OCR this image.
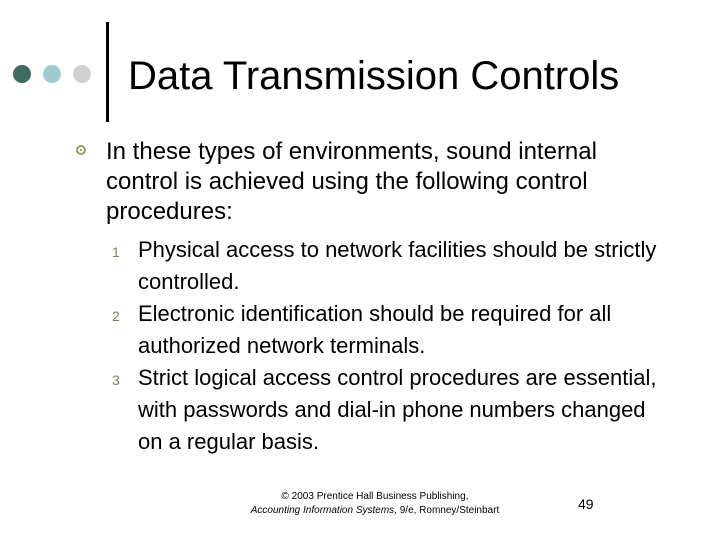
Data Transmission Controls
In these types of environments, sound internal control is achieved using the following control procedures:
1 Physical access to network facilities should be strictly controlled.
2 Electronic identification should be required for all authorized network terminals.
3 Strict logical access control procedures are essential, with passwords and dial-in phone numbers changed on a regular basis.
© 2003 Prentice Hall Business Publishing,
Accounting Information Systems, 9/e, Romney/Steinbart	49
